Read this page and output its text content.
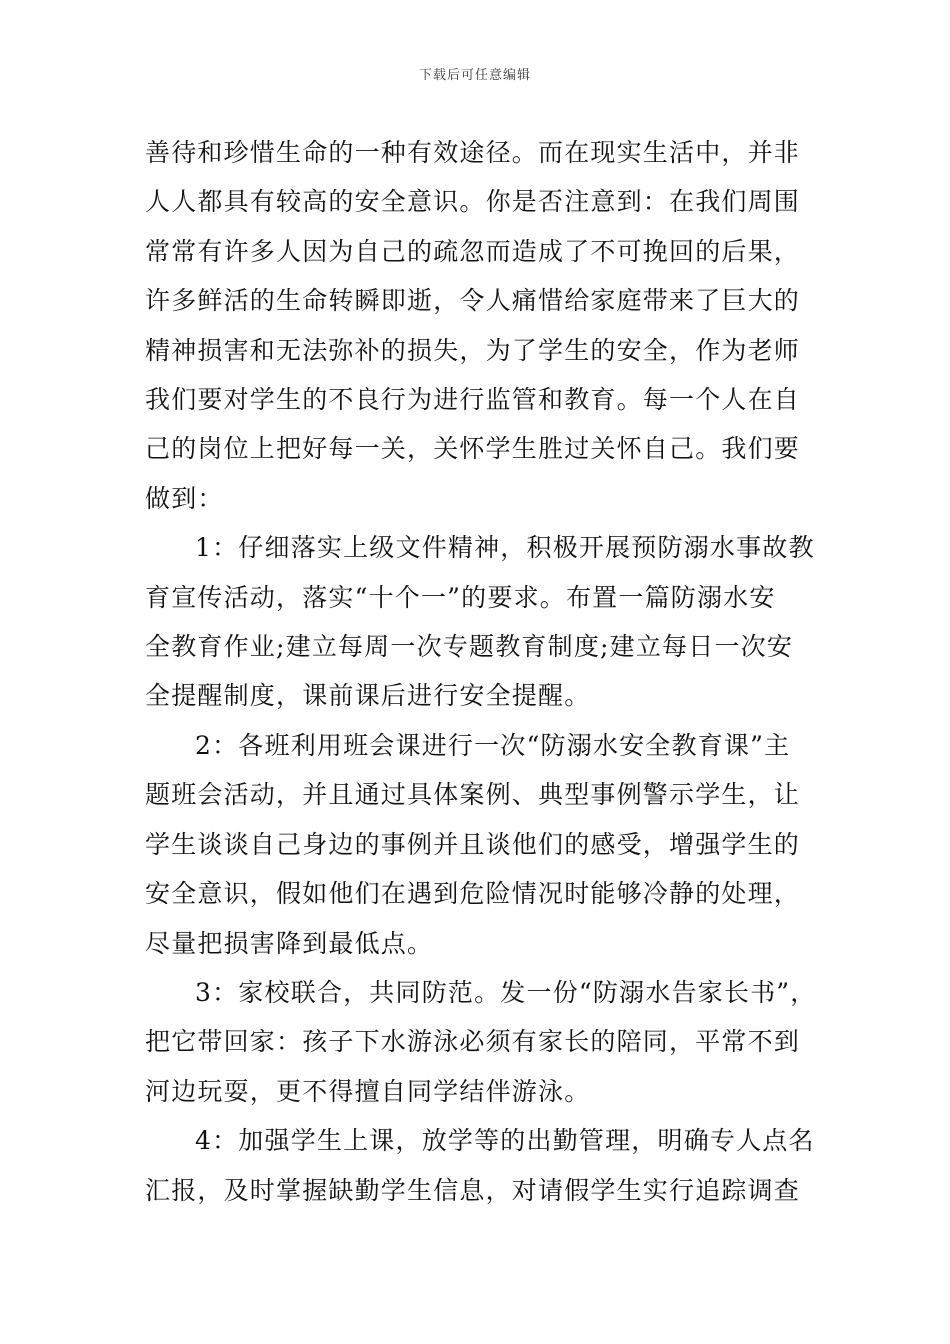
下载后可任意编辑

善待和珍惜生命的一种有效途径。而在现实生活中，并非
人人都具有较高的安全意识。你是否注意到：在我们周围
常常有许多人因为自己的疏忽而造成了不可挽回的后果，
许多鲜活的生命转瞬即逝，令人痛惜给家庭带来了巨大的
精神损害和无法弥补的损失，为了学生的安全，作为老师
我们要对学生的不良行为进行监管和教育。每一个人在自
己的岗位上把好每一关，关怀学生胜过关怀自己。我们要
做到：

1：仔细落实上级文件精神，积极开展预防溺水事故教
育宣传活动，落实“十个一”的要求。布置一篇防溺水安
全教育作业;建立每周一次专题教育制度;建立每日一次安
全提醒制度，课前课后进行安全提醒。

2：各班利用班会课进行一次“防溺水安全教育课”主
题班会活动，并且通过具体案例、典型事例警示学生，让
学生谈谈自己身边的事例并且谈他们的感受，增强学生的
安全意识，假如他们在遇到危险情况时能够冷静的处理，
尽量把损害降到最低点。

3：家校联合，共同防范。发一份“防溺水告家长书”，
把它带回家：孩子下水游泳必须有家长的陪同，平常不到
河边玩耍，更不得擅自同学结伴游泳。

4：加强学生上课，放学等的出勤管理，明确专人点名
汇报，及时掌握缺勤学生信息，对请假学生实行追踪调查
